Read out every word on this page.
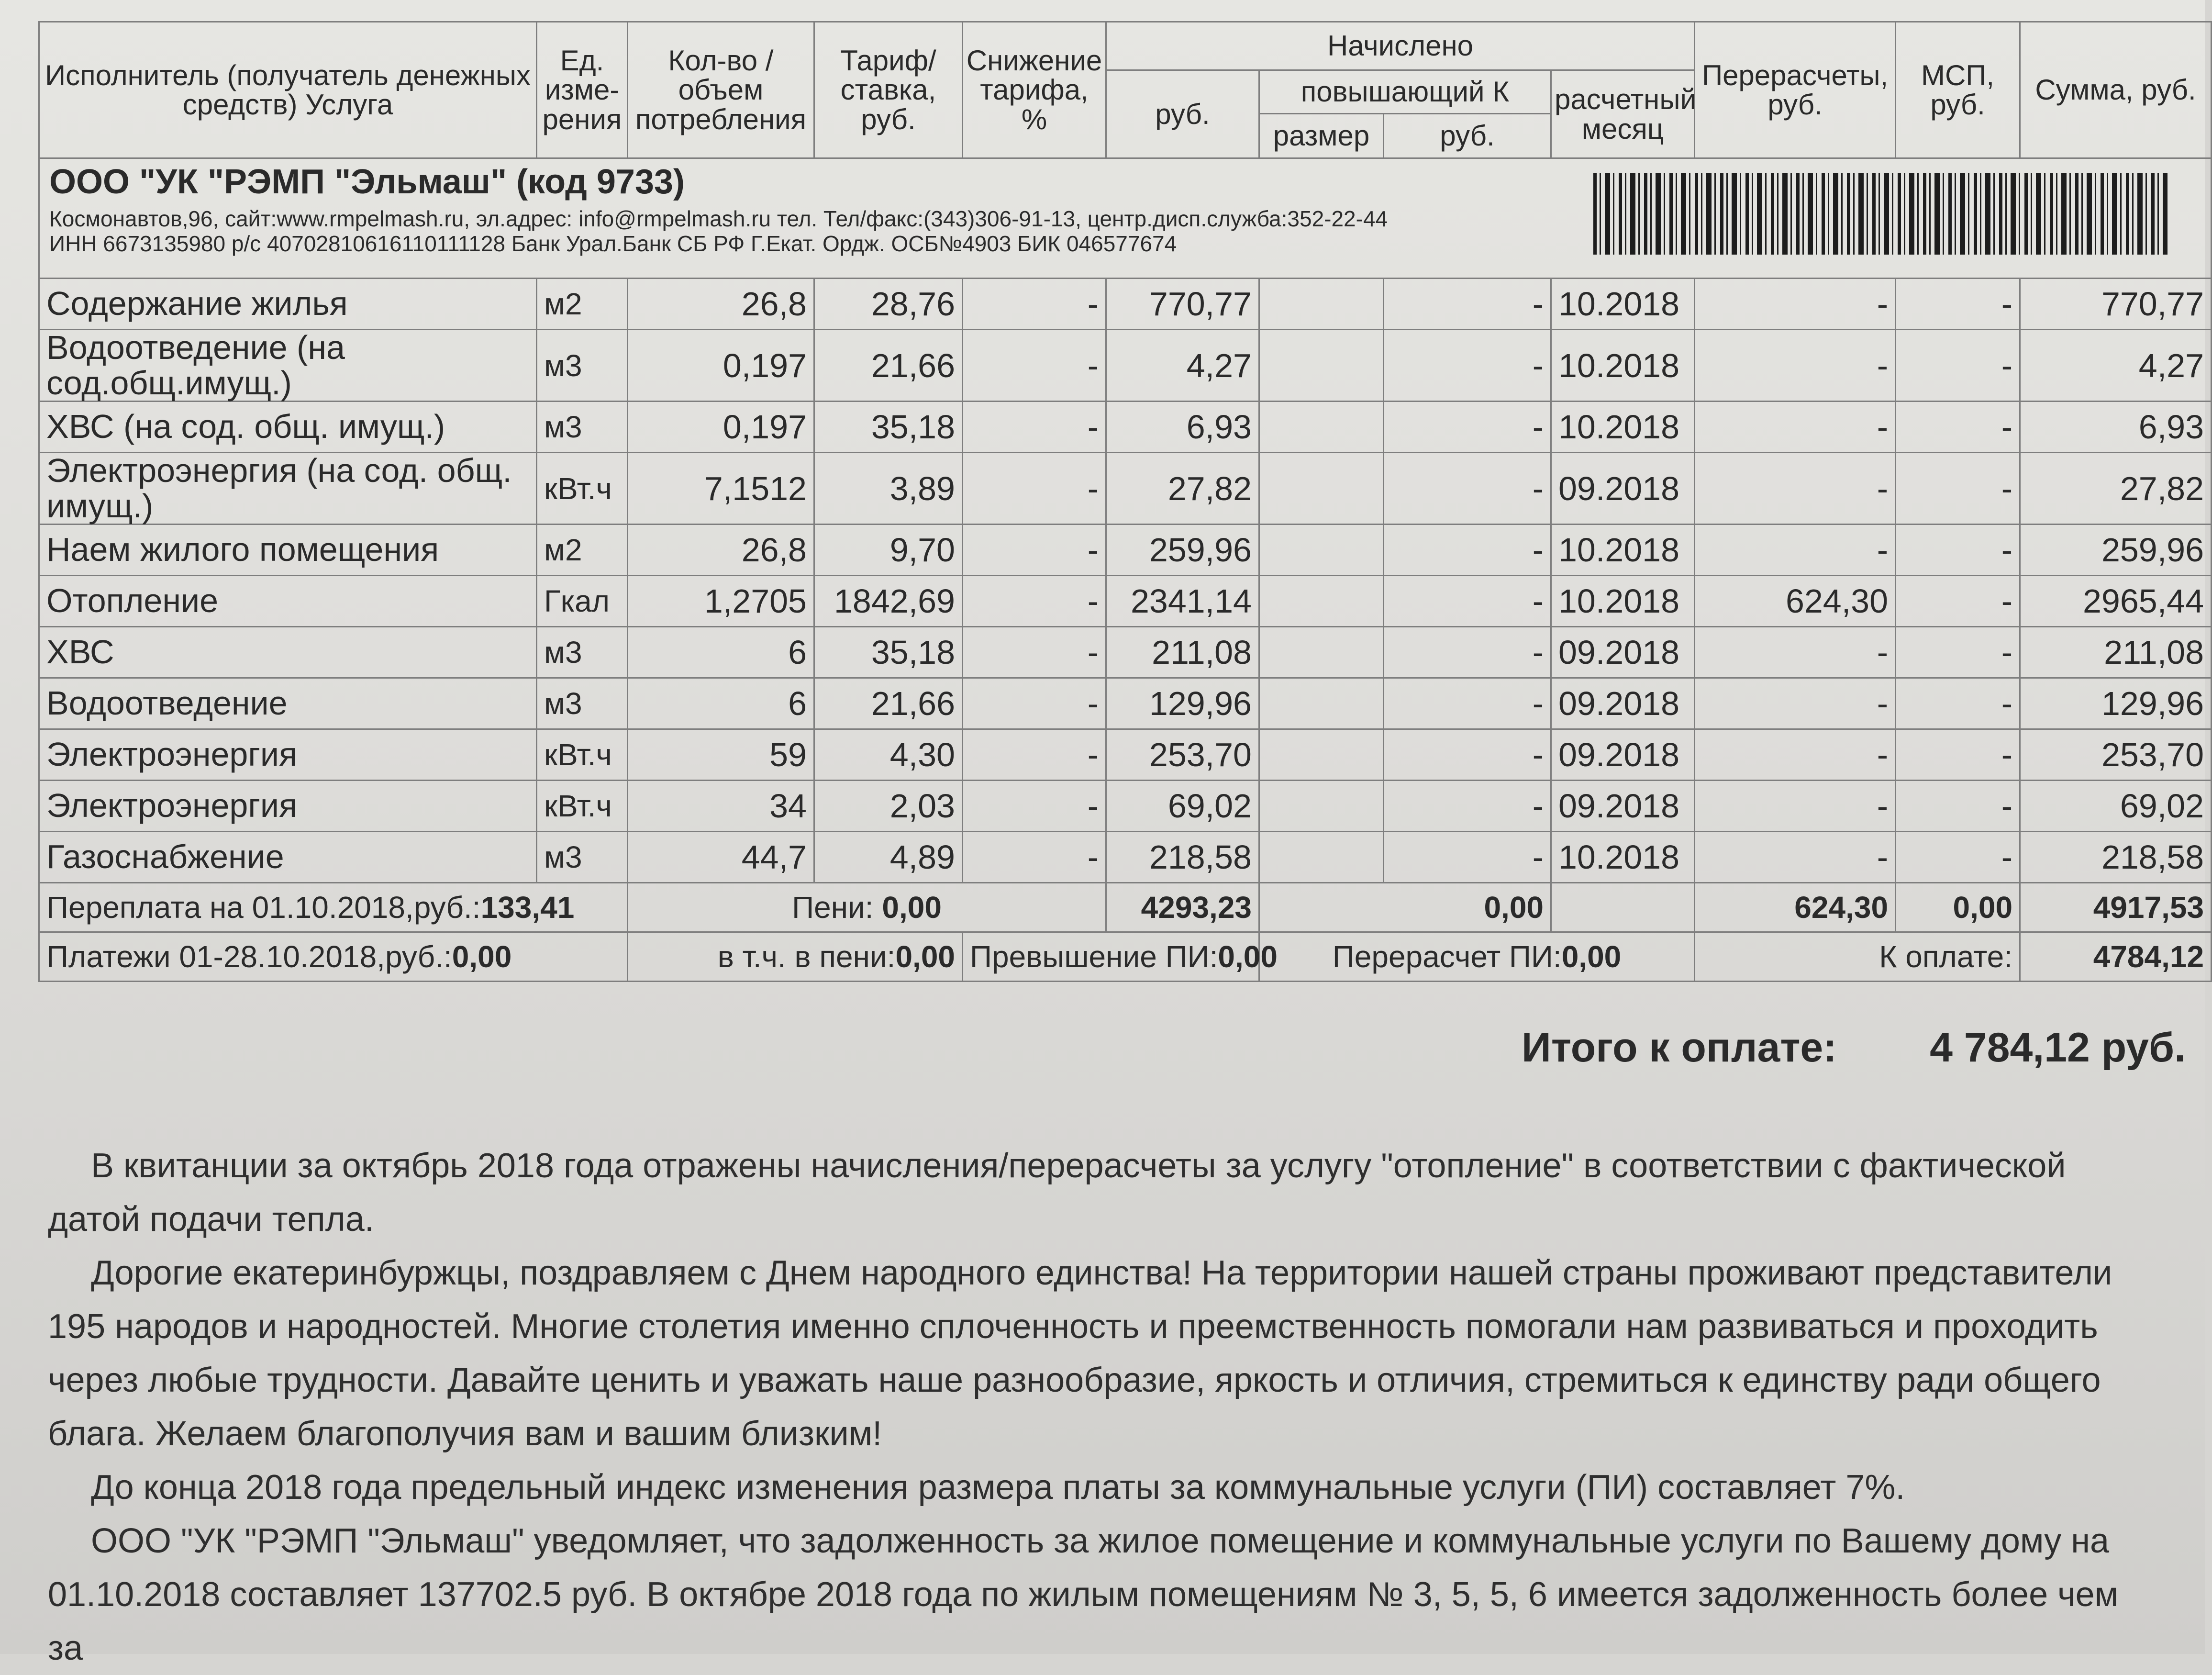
Исполнитель (получатель денежных средств) Услуга	Ед. изме-рения	Кол-во / объем потребления	Тариф/ ставка, руб.	Снижение тарифа, %	Начислено				Перерасчеты, руб.	МСП, руб.	Сумма, руб.
					руб.	повышающий К		расчетный месяц			
						размер	руб.				

ООО "УК "РЭМП "Эльмаш" (код 9733)
Космонавтов,96, сайт:www.rmpelmash.ru, эл.адрес: info@rmpelmash.ru тел. Тел/факс:(343)306-91-13, центр.дисп.служба:352-22-44
ИНН 6673135980 р/с 40702810616110111128 Банк Урал.Банк СБ РФ Г.Екат. Ордж. ОСБ№4903 БИК 046577674											

Содержание жилья	м2	26,8	28,76	-	770,77		-	10.2018	-	-	770,77
Водоотведение (на сод.общ.имущ.)	м3	0,197	21,66	-	4,27		-	10.2018	-	-	4,27
ХВС (на сод. общ. имущ.)	м3	0,197	35,18	-	6,93		-	10.2018	-	-	6,93
Электроэнергия (на сод. общ. имущ.)	кВт.ч	7,1512	3,89	-	27,82		-	09.2018	-	-	27,82
Наем жилого помещения	м2	26,8	9,70	-	259,96		-	10.2018	-	-	259,96
Отопление	Гкал	1,2705	1842,69	-	2341,14		-	10.2018	624,30	-	2965,44
ХВС	м3	6	35,18	-	211,08		-	09.2018	-	-	211,08
Водоотведение	м3	6	21,66	-	129,96		-	09.2018	-	-	129,96
Электроэнергия	кВт.ч	59	4,30	-	253,70		-	09.2018	-	-	253,70
Электроэнергия	кВт.ч	34	2,03	-	69,02		-	09.2018	-	-	69,02
Газоснабжение	м3	44,7	4,89	-	218,58		-	10.2018	-	-	218,58
Переплата на 01.10.2018,руб.:133,41		Пени: 0,00			4293,23	0,00			624,30	0,00	4917,53
Платежи 01-28.10.2018,руб.:0,00		в т.ч. в пени:0,00		Превышение ПИ:0,00		Перерасчет ПИ:0,00			К оплате:		4784,12
Итого к оплате: 4 784,12 руб.

В квитанции за октябрь 2018 года отражены начисления/перерасчеты за услугу "отопление" в соответствии с фактической датой подачи тепла.

Дорогие екатеринбуржцы, поздравляем с Днем народного единства! На территории нашей страны проживают представители 195 народов и народностей. Многие столетия именно сплоченность и преемственность помогали нам развиваться и проходить через любые трудности. Давайте ценить и уважать наше разнообразие, яркость и отличия, стремиться к единству ради общего блага. Желаем благополучия вам и вашим близким!

До конца 2018 года предельный индекс изменения размера платы за коммунальные услуги (ПИ) составляет 7%.

ООО "УК "РЭМП "Эльмаш" уведомляет, что задолженность за жилое помещение и коммунальные услуги по Вашему дому на 01.10.2018 составляет 137702.5 руб. В октябре 2018 года по жилым помещениям № 3, 5, 5, 6 имеется задолженность более чем за
